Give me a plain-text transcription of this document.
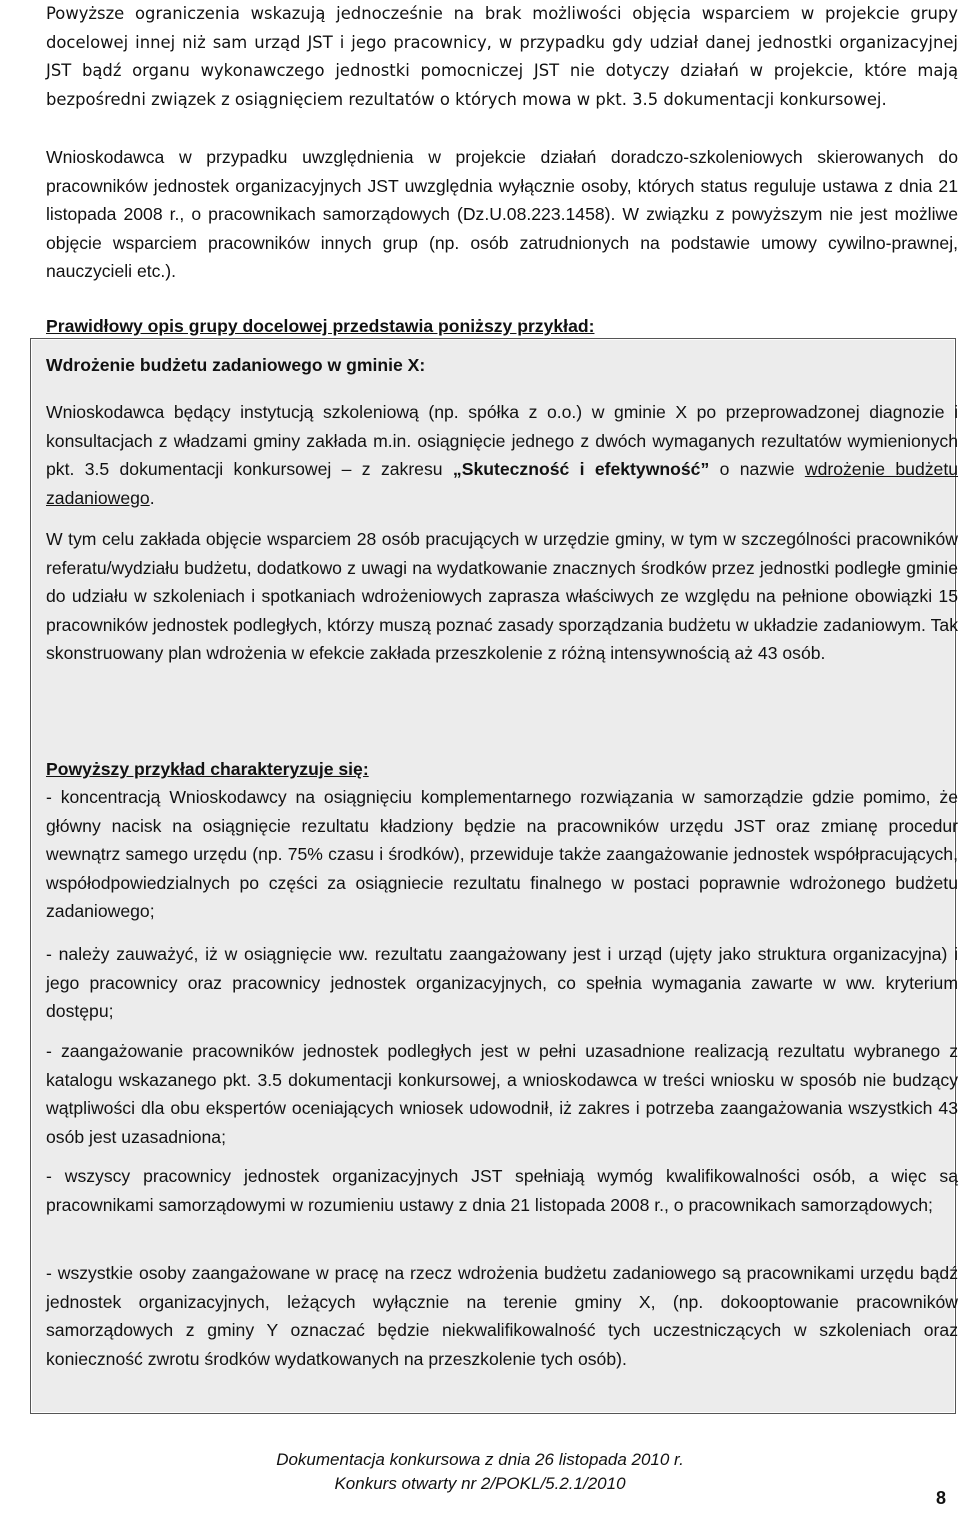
Powyższe ograniczenia wskazują jednocześnie na brak możliwości objęcia wsparciem w projekcie grupy docelowej innej niż sam urząd JST i jego pracownicy, w przypadku gdy udział danej jednostki organizacyjnej JST bądź organu wykonawczego jednostki pomocniczej JST nie dotyczy działań w projekcie, które mają bezpośredni związek z osiągnięciem rezultatów o których mowa w pkt. 3.5 dokumentacji konkursowej.

Wnioskodawca w przypadku uwzględnienia w projekcie działań doradczo-szkoleniowych skierowanych do pracowników jednostek organizacyjnych JST uwzględnia wyłącznie osoby, których status reguluje ustawa z dnia 21 listopada 2008 r., o pracownikach samorządowych (Dz.U.08.223.1458). W związku z powyższym nie jest możliwe objęcie wsparciem pracowników innych grup (np. osób zatrudnionych na podstawie umowy cywilno-prawnej, nauczycieli etc.).

Prawidłowy opis grupy docelowej przedstawia poniższy przykład:

Wdrożenie budżetu zadaniowego w gminie X:

Wnioskodawca będący instytucją szkoleniową (np. spółka z o.o.) w gminie X po przeprowadzonej diagnozie i konsultacjach z władzami gminy zakłada m.in. osiągnięcie jednego z dwóch wymaganych rezultatów wymienionych pkt. 3.5 dokumentacji konkursowej – z zakresu „Skuteczność i efektywność” o nazwie wdrożenie budżetu zadaniowego.

W tym celu zakłada objęcie wsparciem 28 osób pracujących w urzędzie gminy, w tym w szczególności pracowników referatu/wydziału budżetu, dodatkowo z uwagi na wydatkowanie znacznych środków przez jednostki podległe gminie do udziału w szkoleniach i spotkaniach wdrożeniowych zaprasza właściwych ze względu na pełnione obowiązki 15 pracowników jednostek podległych, którzy muszą poznać zasady sporządzania budżetu w układzie zadaniowym. Tak skonstruowany plan wdrożenia w efekcie zakłada przeszkolenie z różną intensywnością aż 43 osób.

Powyższy przykład charakteryzuje się:

- koncentracją Wnioskodawcy na osiągnięciu komplementarnego rozwiązania w samorządzie gdzie pomimo, że główny nacisk na osiągnięcie rezultatu kładziony będzie na pracowników urzędu JST oraz zmianę procedur wewnątrz samego urzędu (np. 75% czasu i środków), przewiduje także zaangażowanie jednostek współpracujących, współodpowiedzialnych po części za osiągniecie rezultatu finalnego w postaci poprawnie wdrożonego budżetu zadaniowego;

- należy zauważyć, iż w osiągnięcie ww. rezultatu zaangażowany jest i urząd (ujęty jako struktura organizacyjna) i jego pracownicy oraz pracownicy jednostek organizacyjnych, co spełnia wymagania zawarte w ww. kryterium dostępu;

- zaangażowanie pracowników jednostek podległych jest w pełni uzasadnione realizacją rezultatu wybranego z katalogu wskazanego pkt. 3.5 dokumentacji konkursowej, a wnioskodawca w treści wniosku w sposób nie budzący wątpliwości dla obu ekspertów oceniających wniosek udowodnił, iż zakres i potrzeba zaangażowania wszystkich 43 osób jest uzasadniona;

- wszyscy pracownicy jednostek organizacyjnych JST spełniają wymóg kwalifikowalności osób, a więc są pracownikami samorządowymi w rozumieniu ustawy z dnia 21 listopada 2008 r., o pracownikach samorządowych;

- wszystkie osoby zaangażowane w pracę na rzecz wdrożenia budżetu zadaniowego są pracownikami urzędu bądź jednostek organizacyjnych, leżących wyłącznie na terenie gminy X, (np. dokooptowanie pracowników samorządowych z gminy Y oznaczać będzie niekwalifikowalność tych uczestniczących w szkoleniach oraz konieczność zwrotu środków wydatkowanych na przeszkolenie tych osób).

Dokumentacja konkursowa z dnia 26 listopada 2010 r.
Konkurs otwarty nr 2/POKL/5.2.1/2010
8
